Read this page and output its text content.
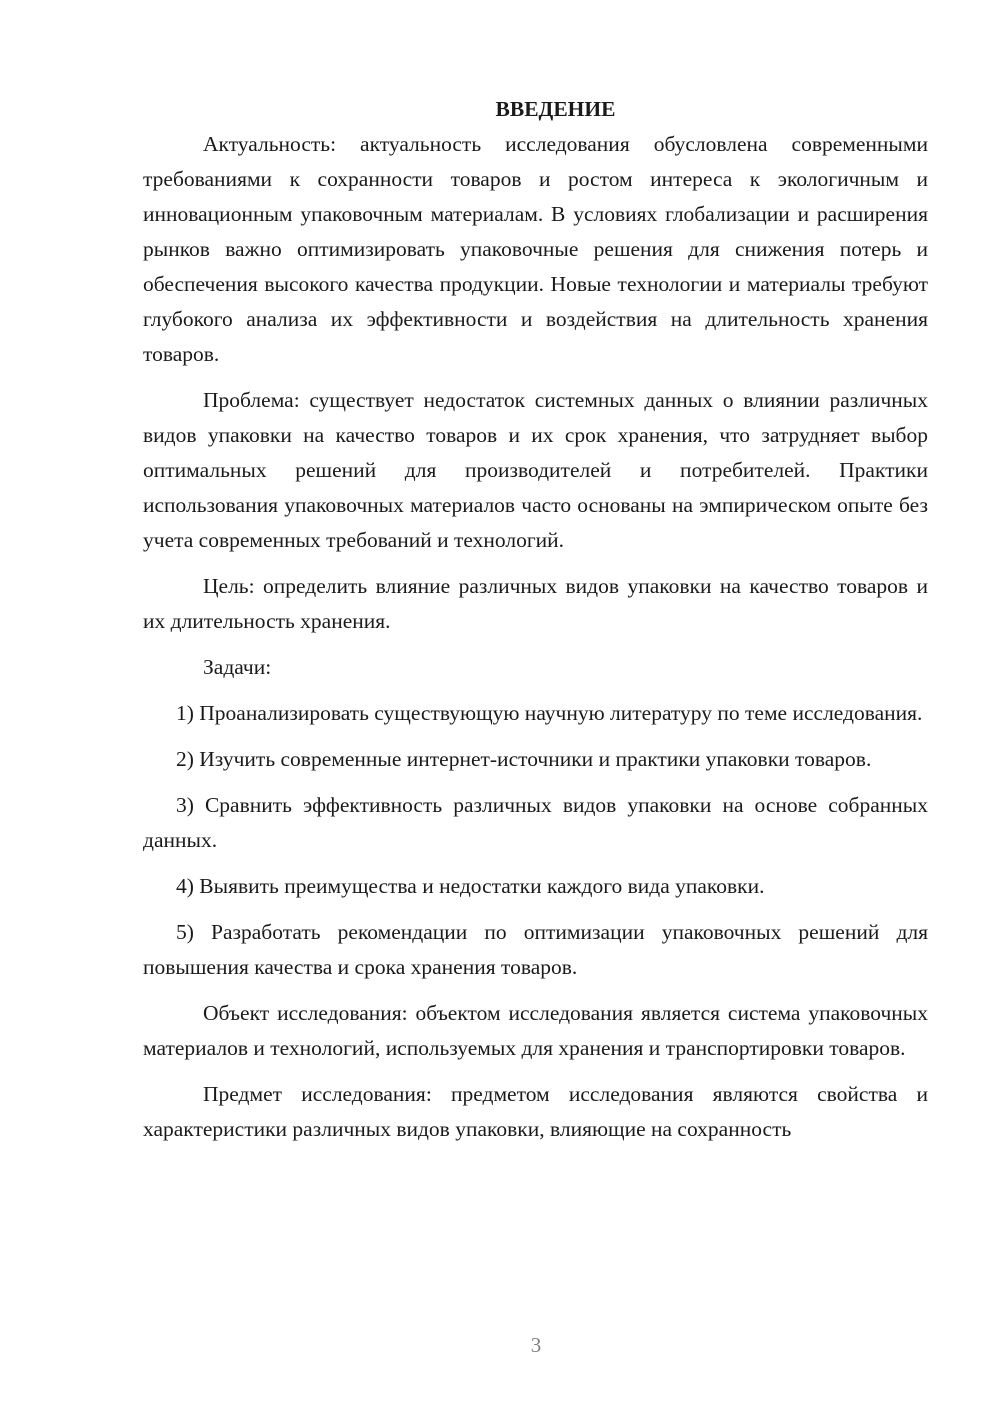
ВВЕДЕНИЕ

Актуальность: актуальность исследования обусловлена современными требованиями к сохранности товаров и ростом интереса к экологичным и инновационным упаковочным материалам. В условиях глобализации и расширения рынков важно оптимизировать упаковочные решения для снижения потерь и обеспечения высокого качества продукции. Новые технологии и материалы требуют глубокого анализа их эффективности и воздействия на длительность хранения товаров.

Проблема: существует недостаток системных данных о влиянии различных видов упаковки на качество товаров и их срок хранения, что затрудняет выбор оптимальных решений для производителей и потребителей. Практики использования упаковочных материалов часто основаны на эмпирическом опыте без учета современных требований и технологий.

Цель: определить влияние различных видов упаковки на качество товаров и их длительность хранения.

Задачи:

1) Проанализировать существующую научную литературу по теме исследования.

2) Изучить современные интернет-источники и практики упаковки товаров.

3) Сравнить эффективность различных видов упаковки на основе собранных данных.

4) Выявить преимущества и недостатки каждого вида упаковки.

5) Разработать рекомендации по оптимизации упаковочных решений для повышения качества и срока хранения товаров.

Объект исследования: объектом исследования является система упаковочных материалов и технологий, используемых для хранения и транспортировки товаров.

Предмет исследования: предметом исследования являются свойства и характеристики различных видов упаковки, влияющие на сохранность

3
